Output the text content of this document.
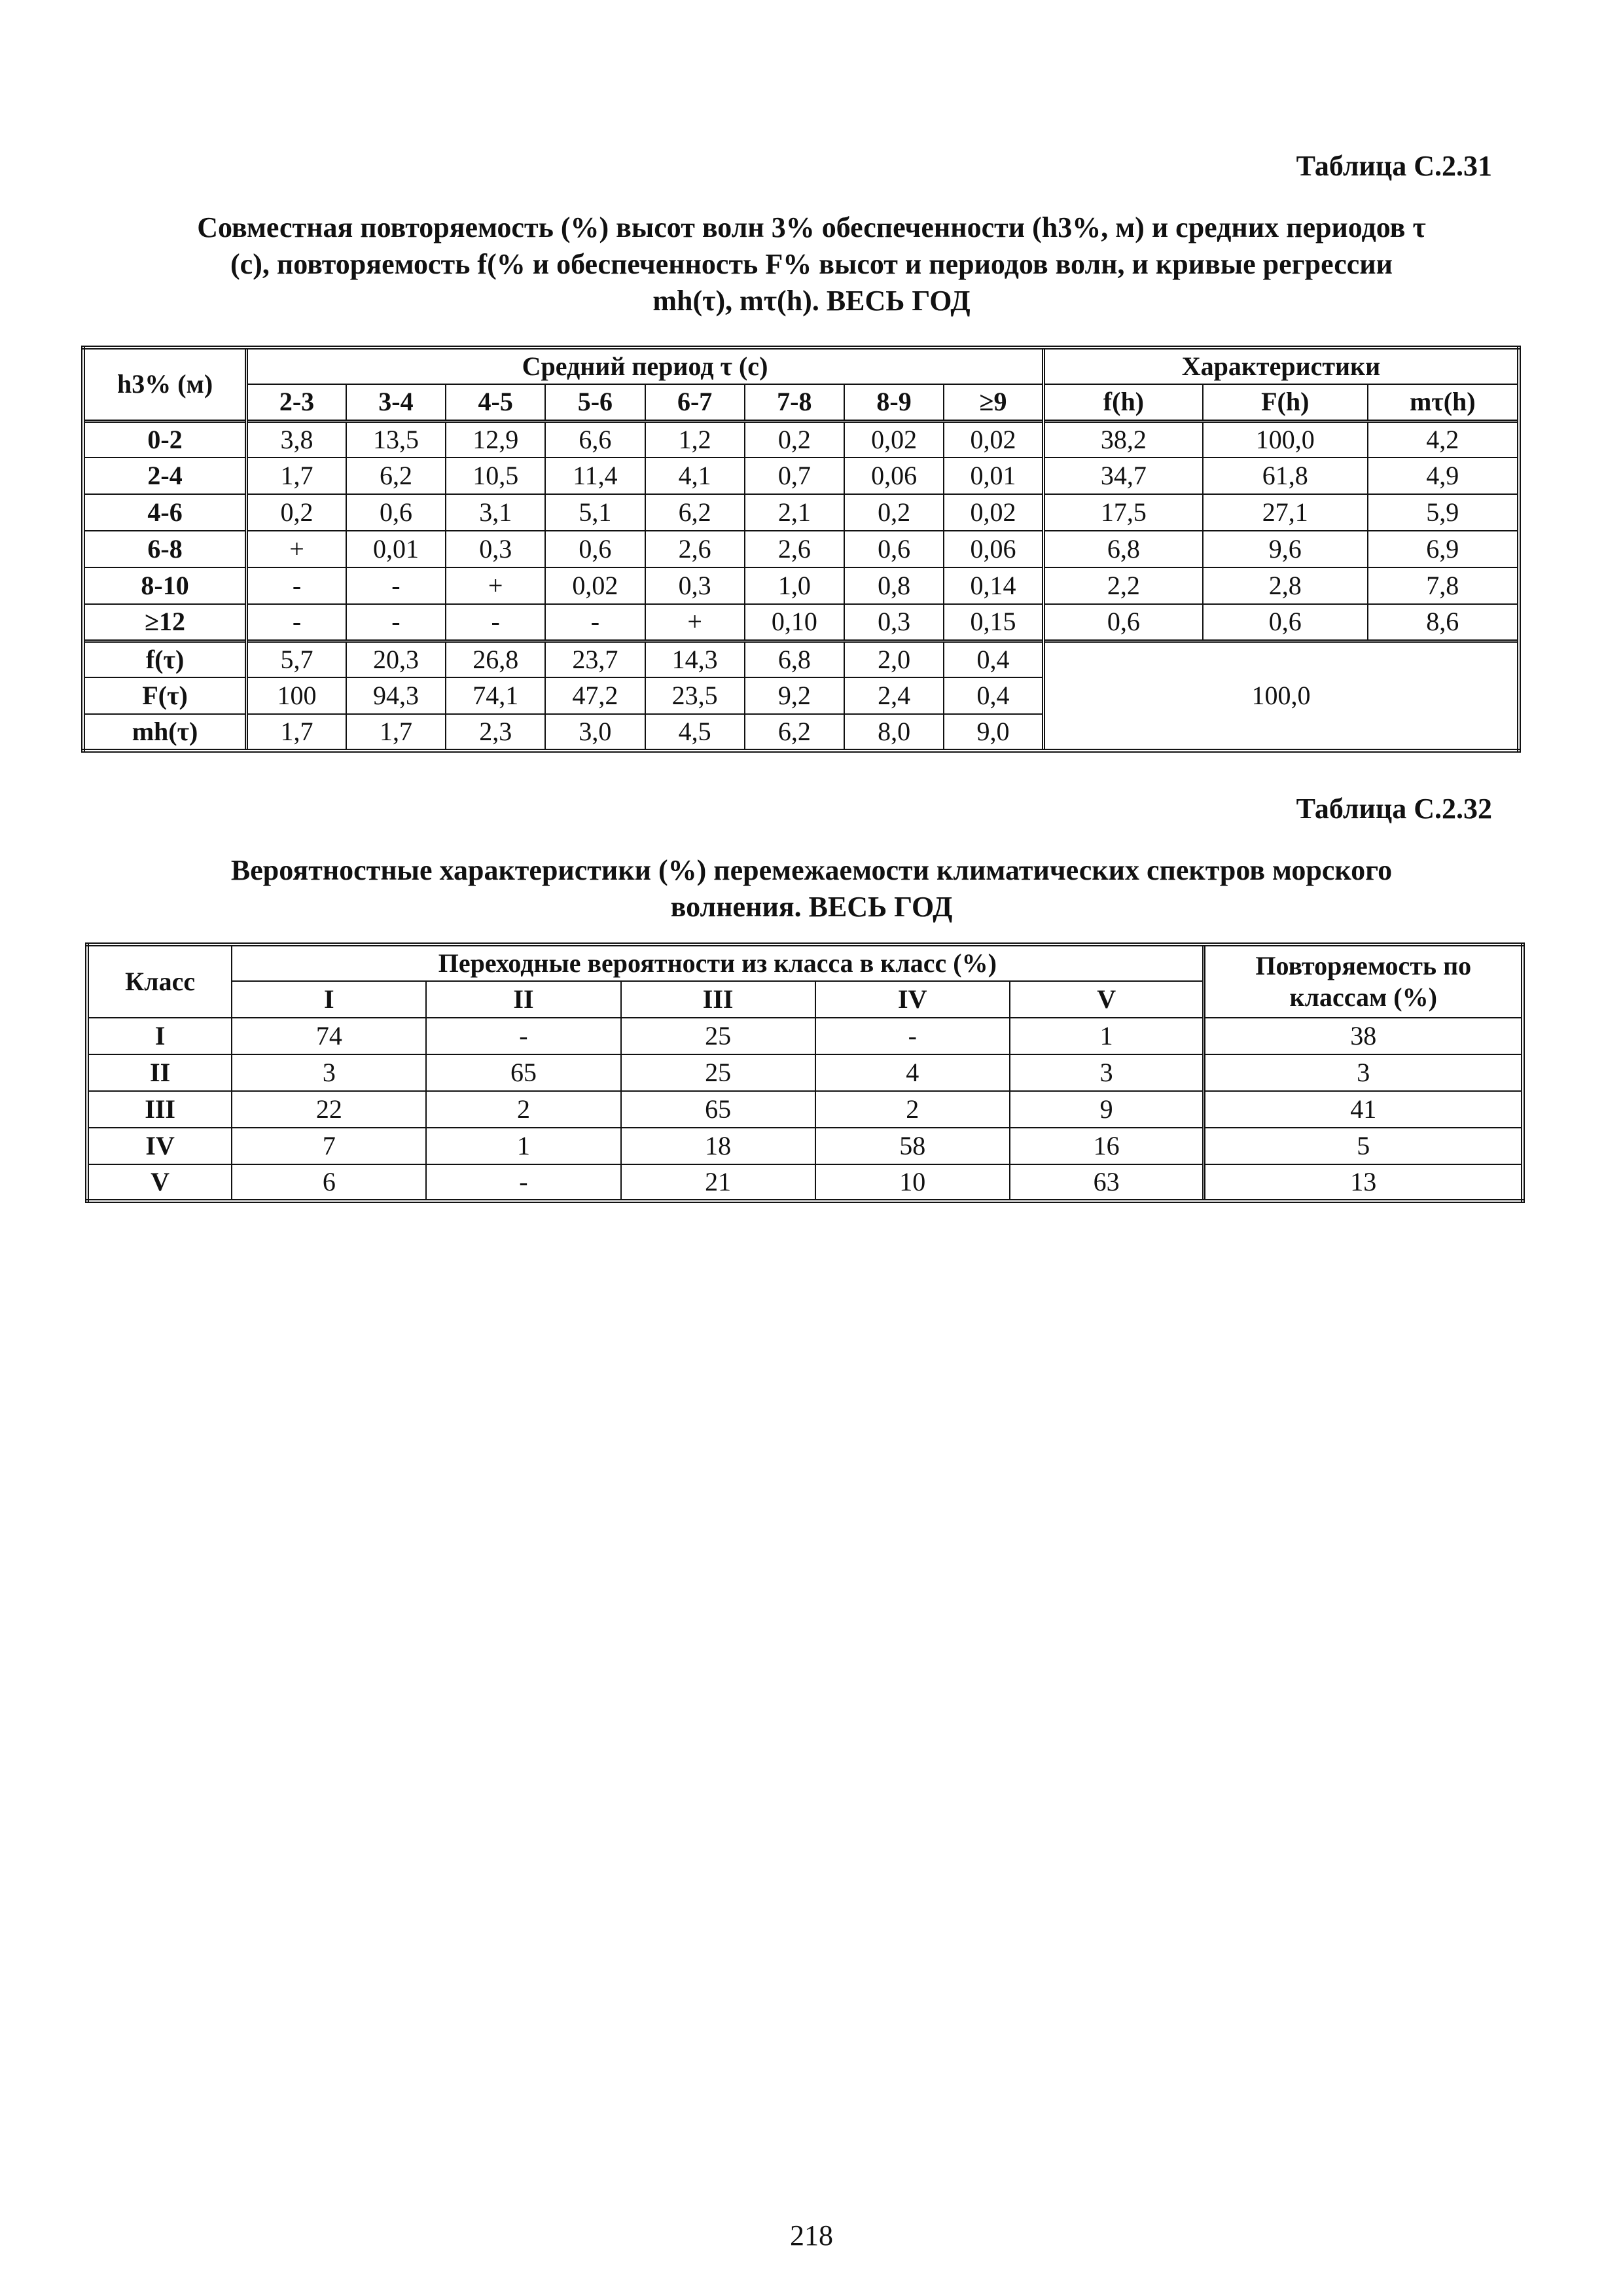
Таблица С.2.31
Совместная повторяемость (%) высот волн 3% обеспеченности (h3%, м) и средних периодов τ
(с), повторяемость f(% и обеспеченность F% высот и периодов волн, и кривые регрессии
mh(τ), mτ(h). ВЕСЬ ГОД
h3% (м)	Средний период τ (с)								Характеристики		
	2-3	3-4	4-5	5-6	6-7	7-8	8-9	≥9	f(h)	F(h)	mτ(h)
0-2	3,8	13,5	12,9	6,6	1,2	0,2	0,02	0,02	38,2	100,0	4,2
2-4	1,7	6,2	10,5	11,4	4,1	0,7	0,06	0,01	34,7	61,8	4,9
4-6	0,2	0,6	3,1	5,1	6,2	2,1	0,2	0,02	17,5	27,1	5,9
6-8	+	0,01	0,3	0,6	2,6	2,6	0,6	0,06	6,8	9,6	6,9
8-10	-	-	+	0,02	0,3	1,0	0,8	0,14	2,2	2,8	7,8
≥12	-	-	-	-	+	0,10	0,3	0,15	0,6	0,6	8,6
f(τ)	5,7	20,3	26,8	23,7	14,3	6,8	2,0	0,4	100,0		
F(τ)	100	94,3	74,1	47,2	23,5	9,2	2,4	0,4			
mh(τ)	1,7	1,7	2,3	3,0	4,5	6,2	8,0	9,0			
Таблица С.2.32
Вероятностные характеристики (%) перемежаемости климатических спектров морского
волнения. ВЕСЬ ГОД
Класс	Переходные вероятности из класса в класс (%)					Повторяемость по
классам (%)

	I	II	III	IV	V	
I	74	-	25	-	1	38
II	3	65	25	4	3	3
III	22	2	65	2	9	41
IV	7	1	18	58	16	5
V	6	-	21	10	63	13
218
